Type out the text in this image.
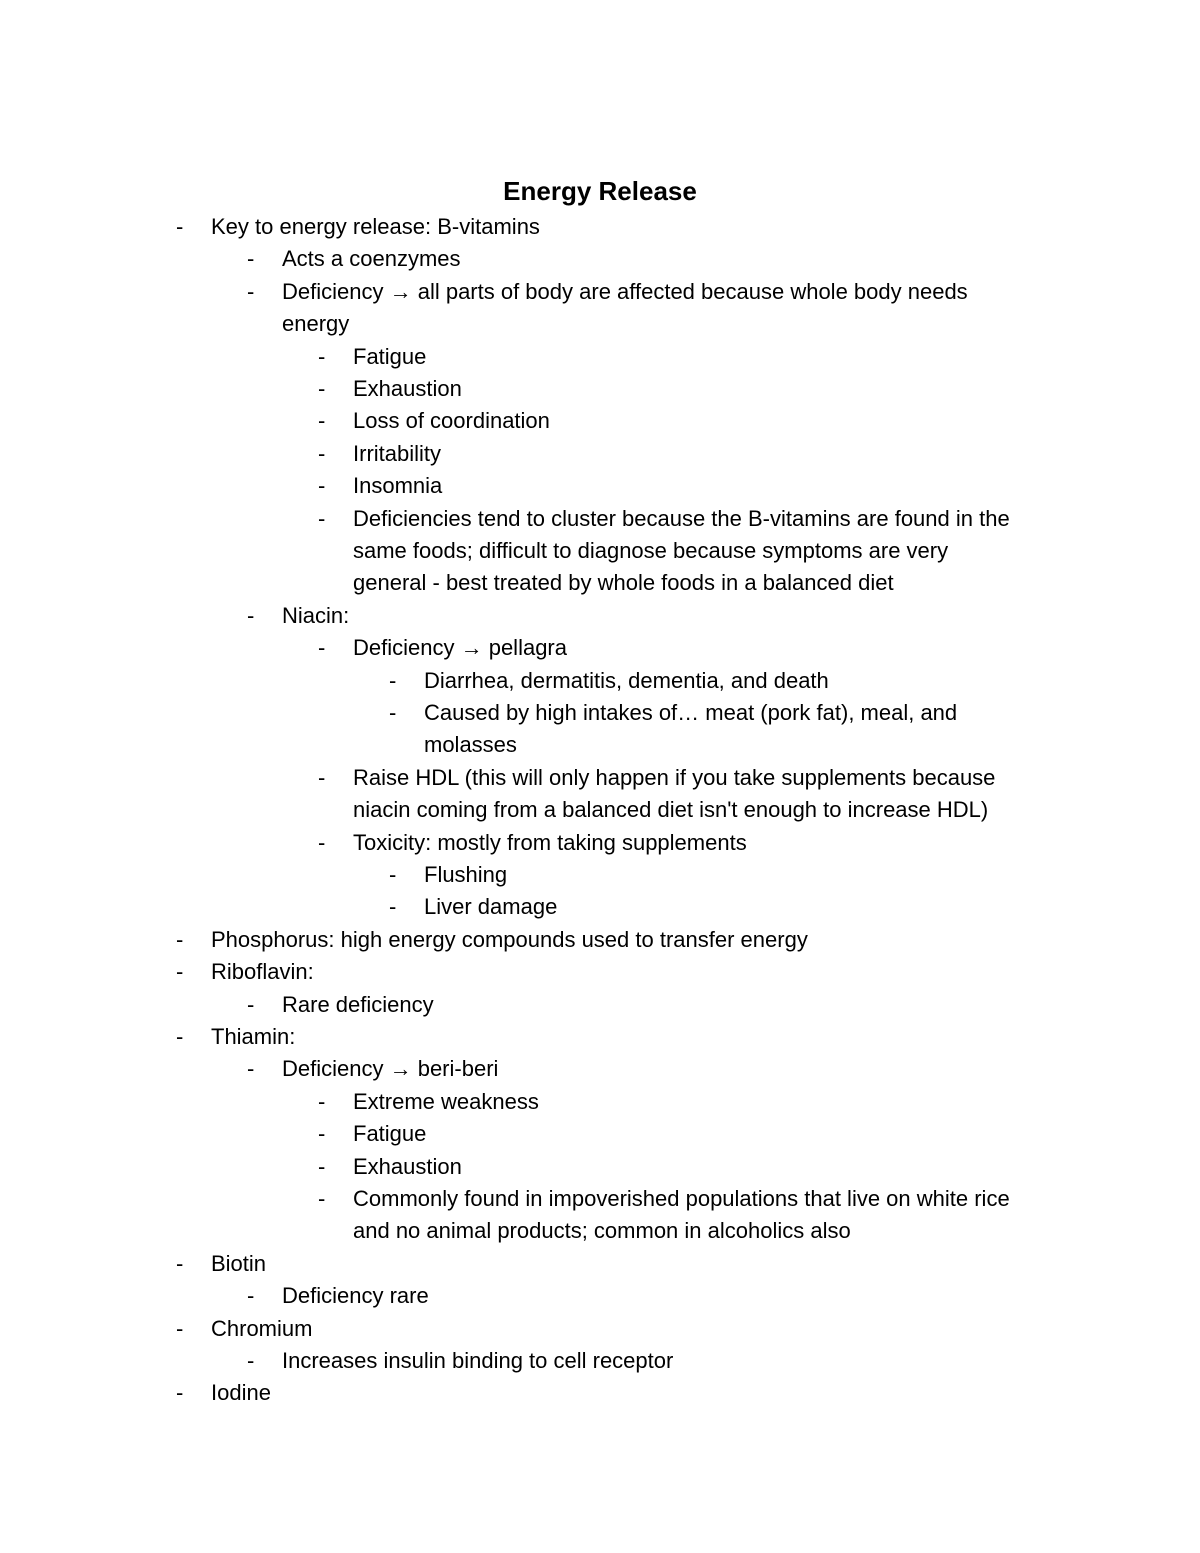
Energy Release
- Key to energy release: B-vitamins
- Acts a coenzymes
- Deficiency → all parts of body are affected because whole body needs
energy
- Fatigue
- Exhaustion
- Loss of coordination
- Irritability
- Insomnia
- Deficiencies tend to cluster because the B-vitamins are found in the
same foods; difficult to diagnose because symptoms are very
general - best treated by whole foods in a balanced diet
- Niacin:
- Deficiency → pellagra
- Diarrhea, dermatitis, dementia, and death
- Caused by high intakes of… meat (pork fat), meal, and
molasses
- Raise HDL (this will only happen if you take supplements because
niacin coming from a balanced diet isn't enough to increase HDL)
- Toxicity: mostly from taking supplements
- Flushing
- Liver damage
- Phosphorus: high energy compounds used to transfer energy
- Riboflavin:
- Rare deficiency
- Thiamin:
- Deficiency → beri-beri
- Extreme weakness
- Fatigue
- Exhaustion
- Commonly found in impoverished populations that live on white rice
and no animal products; common in alcoholics also
- Biotin
- Deficiency rare
- Chromium
- Increases insulin binding to cell receptor
- Iodine
